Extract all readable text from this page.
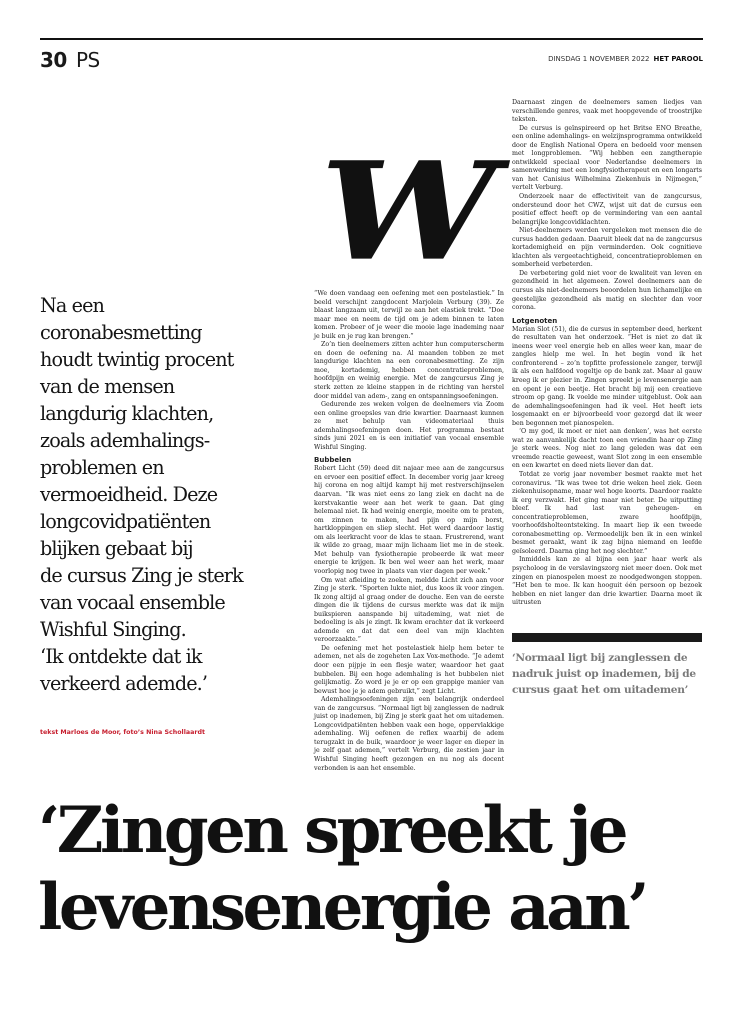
30 PS	DINSDAG 1 NOVEMBER 2022 HET PAROOL
W
Na een
coronabesmetting
houdt twintig procent
van de mensen
langdurig klachten,
zoals ademhalings-
problemen en
vermoeidheid. Deze
longcovidpatiënten
blijken gebaat bij
de cursus Zing je sterk
van vocaal ensemble
Wishful Singing.
‘Ik ontdekte dat ik
verkeerd ademde.’
tekst Marloes de Moor, foto’s Nina Schollaardt

“We doen vandaag een oefening met een postelastiek.” In beeld verschijnt zangdocent Marjolein Verburg (39). Ze blaast langzaam uit, terwijl ze aan het elastiek trekt. “Doe maar mee en neem de tijd om je adem binnen te laten komen. Probeer of je weer die mooie lage inademing naar je buik en je rug kan brengen.”

Zo’n tien deelnemers zitten achter hun computerscherm en doen de oefening na. Al maanden tobben ze met langdurige klachten na een coronabesmetting. Ze zijn moe, kortademig, hebben concentratieproblemen, hoofdpijn en weinig energie. Met de zangcursus Zing je sterk zetten ze kleine stappen in de richting van herstel door middel van adem-, zang en ontspanningsoefeningen.

Gedurende zes weken volgen de deelnemers via Zoom een online groepsles van drie kwartier. Daarnaast kunnen ze met behulp van videomateriaal thuis ademhalingsoefeningen doen. Het programma bestaat sinds juni 2021 en is een initiatief van vocaal ensemble Wishful Singing.

Bubbelen

Robert Licht (59) deed dit najaar mee aan de zangcursus en ervoer een positief effect. In december vorig jaar kreeg hij corona en nog altijd kampt hij met restverschijnselen daarvan. “Ik was niet eens zo lang ziek en dacht na de kerstvakantie weer aan het werk te gaan. Dat ging helemaal niet. Ik had weinig energie, moeite om te praten, om zinnen te maken, had pijn op mijn borst, hartkloppingen en sliep slecht. Het werd daardoor lastig om als leerkracht voor de klas te staan. Frustrerend, want ik wilde zo graag, maar mijn lichaam liet me in de steek. Met behulp van fysiotherapie probeerde ik wat meer energie te krijgen. Ik ben wel weer aan het werk, maar voorlopig nog twee in plaats van vier dagen per week.”

Om wat afleiding te zoeken, meldde Licht zich aan voor Zing je sterk. “Sporten lukte niet, dus koos ik voor zingen. Ik zong altijd al graag onder de douche. Een van de eerste dingen die ik tijdens de cursus merkte was dat ik mijn buikspieren aanspande bij uitademing, wat niet de bedoeling is als je zingt. Ik kwam erachter dat ik verkeerd ademde en dat dat een deel van mijn klachten veroorzaakte.”

De oefening met het postelastiek hielp hem beter te ademen, net als de zogeheten Lax Vox-methode. “Je ademt door een pijpje in een flesje water, waardoor het gaat bubbelen. Bij een hoge ademhaling is het bubbelen niet gelijkmatig. Zo word je je er op een grappige manier van bewust hoe je je adem gebruikt,” zegt Licht.

Ademhalingsoefeningen zijn een belangrijk onderdeel van de zangcursus. “Normaal ligt bij zanglessen de nadruk juist op inademen, bij Zing je sterk gaat het om uitademen. Longcovidpatiënten hebben vaak een hoge, oppervlakkige ademhaling. Wij oefenen de reflex waarbij de adem terugzakt in de buik, waardoor je weer lager en dieper in je zelf gaat ademen,” vertelt Verburg, die zestien jaar in Wishful Singing heeft gezongen en nu nog als docent verbonden is aan het ensemble.

Daarnaast zingen de deelnemers samen liedjes van verschillende genres, vaak met hoopgevende of troostrijke teksten.

De cursus is geïnspireerd op het Britse ENO Breathe, een online ademhalings- en welzijnsprogramma ontwikkeld door de English National Opera en bedoeld voor mensen met longproblemen. “Wij hebben een zangtherapie ontwikkeld speciaal voor Nederlandse deelnemers in samenwerking met een longfysiotherapeut en een longarts van het Canisius Wilhelmina Ziekenhuis in Nijmegen,” vertelt Verburg.

Onderzoek naar de effectiviteit van de zangcursus, ondersteund door het CWZ, wijst uit dat de cursus een positief effect heeft op de vermindering van een aantal belangrijke longcovidklachten.

Niet-deelnemers werden vergeleken met mensen die de cursus hadden gedaan. Daaruit bleek dat na de zangcursus kortademigheid en pijn verminderden. Ook cognitieve klachten als vergeetachtigheid, concentratieproblemen en somberheid verbeterden.

De verbetering gold niet voor de kwaliteit van leven en gezondheid in het algemeen. Zowel deelnemers aan de cursus als niet-deelnemers beoordelen hun lichamelijke en geestelijke gezondheid als matig en slechter dan voor corona.

Lotgenoten

Marian Slot (51), die de cursus in september deed, herkent de resultaten van het onderzoek. “Het is niet zo dat ik ineens weer veel energie heb en alles weer kan, maar de zangles hielp me wel. In het begin vond ik het confronterend – zo’n topfitte professionele zanger, terwijl ik als een halfdood vogeltje op de bank zat. Maar al gauw kreeg ik er plezier in. Zingen spreekt je levensenergie aan en opent je een beetje. Het bracht bij mij een creatieve stroom op gang. Ik voelde me minder uitgeblust. Ook aan de ademhalingsoefeningen had ik veel. Het heeft iets losgemaakt en er bijvoorbeeld voor gezorgd dat ik weer ben begonnen met pianospelen.

‘O my god, ik moet er niet aan denken’, was het eerste wat ze aanvankelijk dacht toen een vriendin haar op Zing je sterk wees. Nog niet zo lang geleden was dat een vreemde reactie geweest, want Slot zong in een ensemble en een kwartet en deed niets liever dan dat.

Totdat ze vorig jaar november besmet raakte met het coronavirus. “Ik was twee tot drie weken heel ziek. Geen ziekenhuisopname, maar wel hoge koorts. Daardoor raakte ik erg verzwakt. Het ging maar niet beter. De uitputting bleef. Ik had last van geheugen- en concentratieproblemen, zware hoofdpijn, voorhoofdsholteontsteking. In maart liep ik een tweede coronabesmetting op. Vermoedelijk ben ik in een winkel besmet geraakt, want ik zag bijna niemand en leefde geïsoleerd. Daarna ging het nog slechter.”

Inmiddels kan ze al bijna een jaar haar werk als psycholoog in de verslavingszorg niet meer doen. Ook met zingen en pianospelen moest ze noodgedwongen stoppen. “Het ben te moe. Ik kan hooguit één persoon op bezoek hebben en niet langer dan drie kwartier. Daarna moet ik uitrusten

‘Normaal ligt bij zanglessen de
nadruk juist op inademen, bij de
cursus gaat het om uitademen’
‘Zingen spreekt je
levensenergie aan’
